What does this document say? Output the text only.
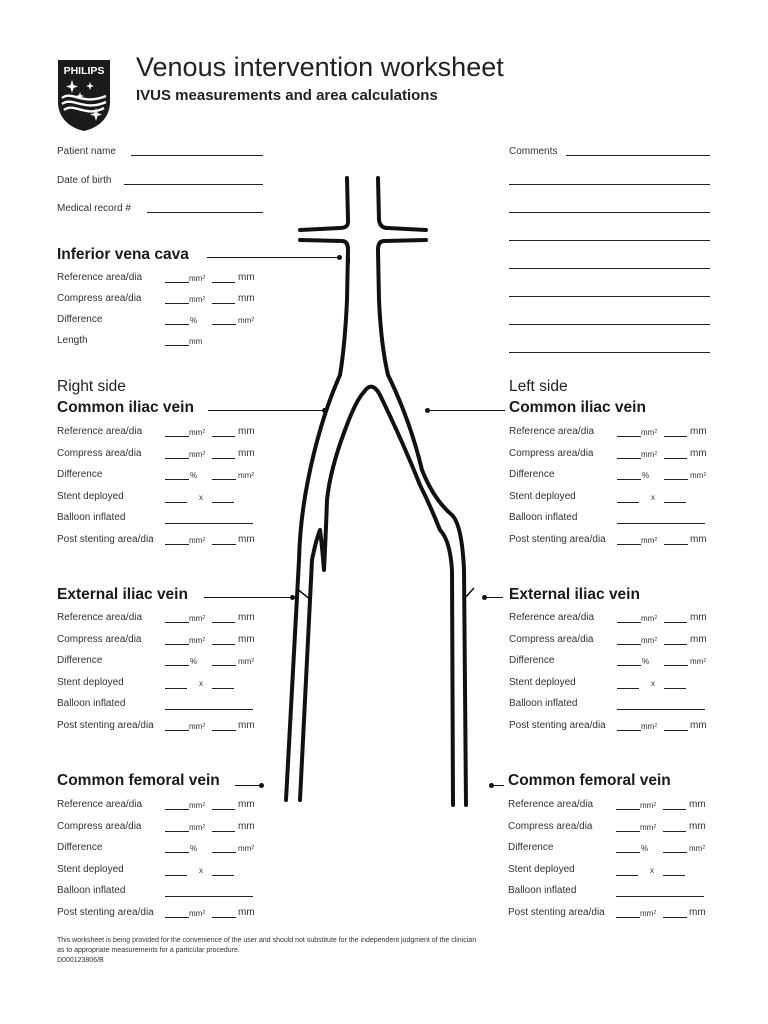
PHILIPS Venous intervention worksheet
IVUS measurements and area calculations
Patient name
Date of birth
Medical record #
Comments
Inferior vena cava
Reference area/dia	$mm^2$	mm
Compress area/dia	$mm^2$	mm
Difference	%	$mm^2$
Length	mm
Right side
Common iliac vein
Left side
Common iliac vein
External iliac vein	External iliac vein
Common femoral vein	Common femoral vein
Reference area/dia	$mm^2$	mm
Compress area/dia	$mm^2$	mm
Difference	%	$mm^2$
Stent deployed	x
Balloon inflated
Post stenting area/dia	$mm^2$	mm
Reference area/dia	$mm^2$	mm
Compress area/dia	$mm^2$	mm
Difference	%	$mm^2$
Stent deployed	x
Balloon inflated
Post stenting area/dia	$mm^2$	mm
Reference area/dia	$mm^2$	mm
Compress area/dia	$mm^2$	mm
Difference	%	$mm^2$
Stent deployed	x
Balloon inflated
Post stenting area/dia	$mm^2$	mm
Reference area/dia	$mm^2$	mm
Compress area/dia	$mm^2$	mm
Difference	%	$mm^2$
Stent deployed	x
Balloon inflated
Post stenting area/dia	$mm^2$	mm
Reference area/dia	$mm^2$	mm
Compress area/dia	$mm^2$	mm
Difference	%	$mm^2$
Stent deployed	x
Balloon inflated
Post stenting area/dia	$mm^2$	mm
Reference area/dia	$mm^2$	mm
Compress area/dia	$mm^2$	mm
Difference	%	$mm^2$
Stent deployed	x
Balloon inflated
Post stenting area/dia	$mm^2$	mm
This worksheet is being provided for the convenience of the user and should not substitute for the independent judgment of the clinician as to appropriate measurements for a particular procedure.
D000123806/B
